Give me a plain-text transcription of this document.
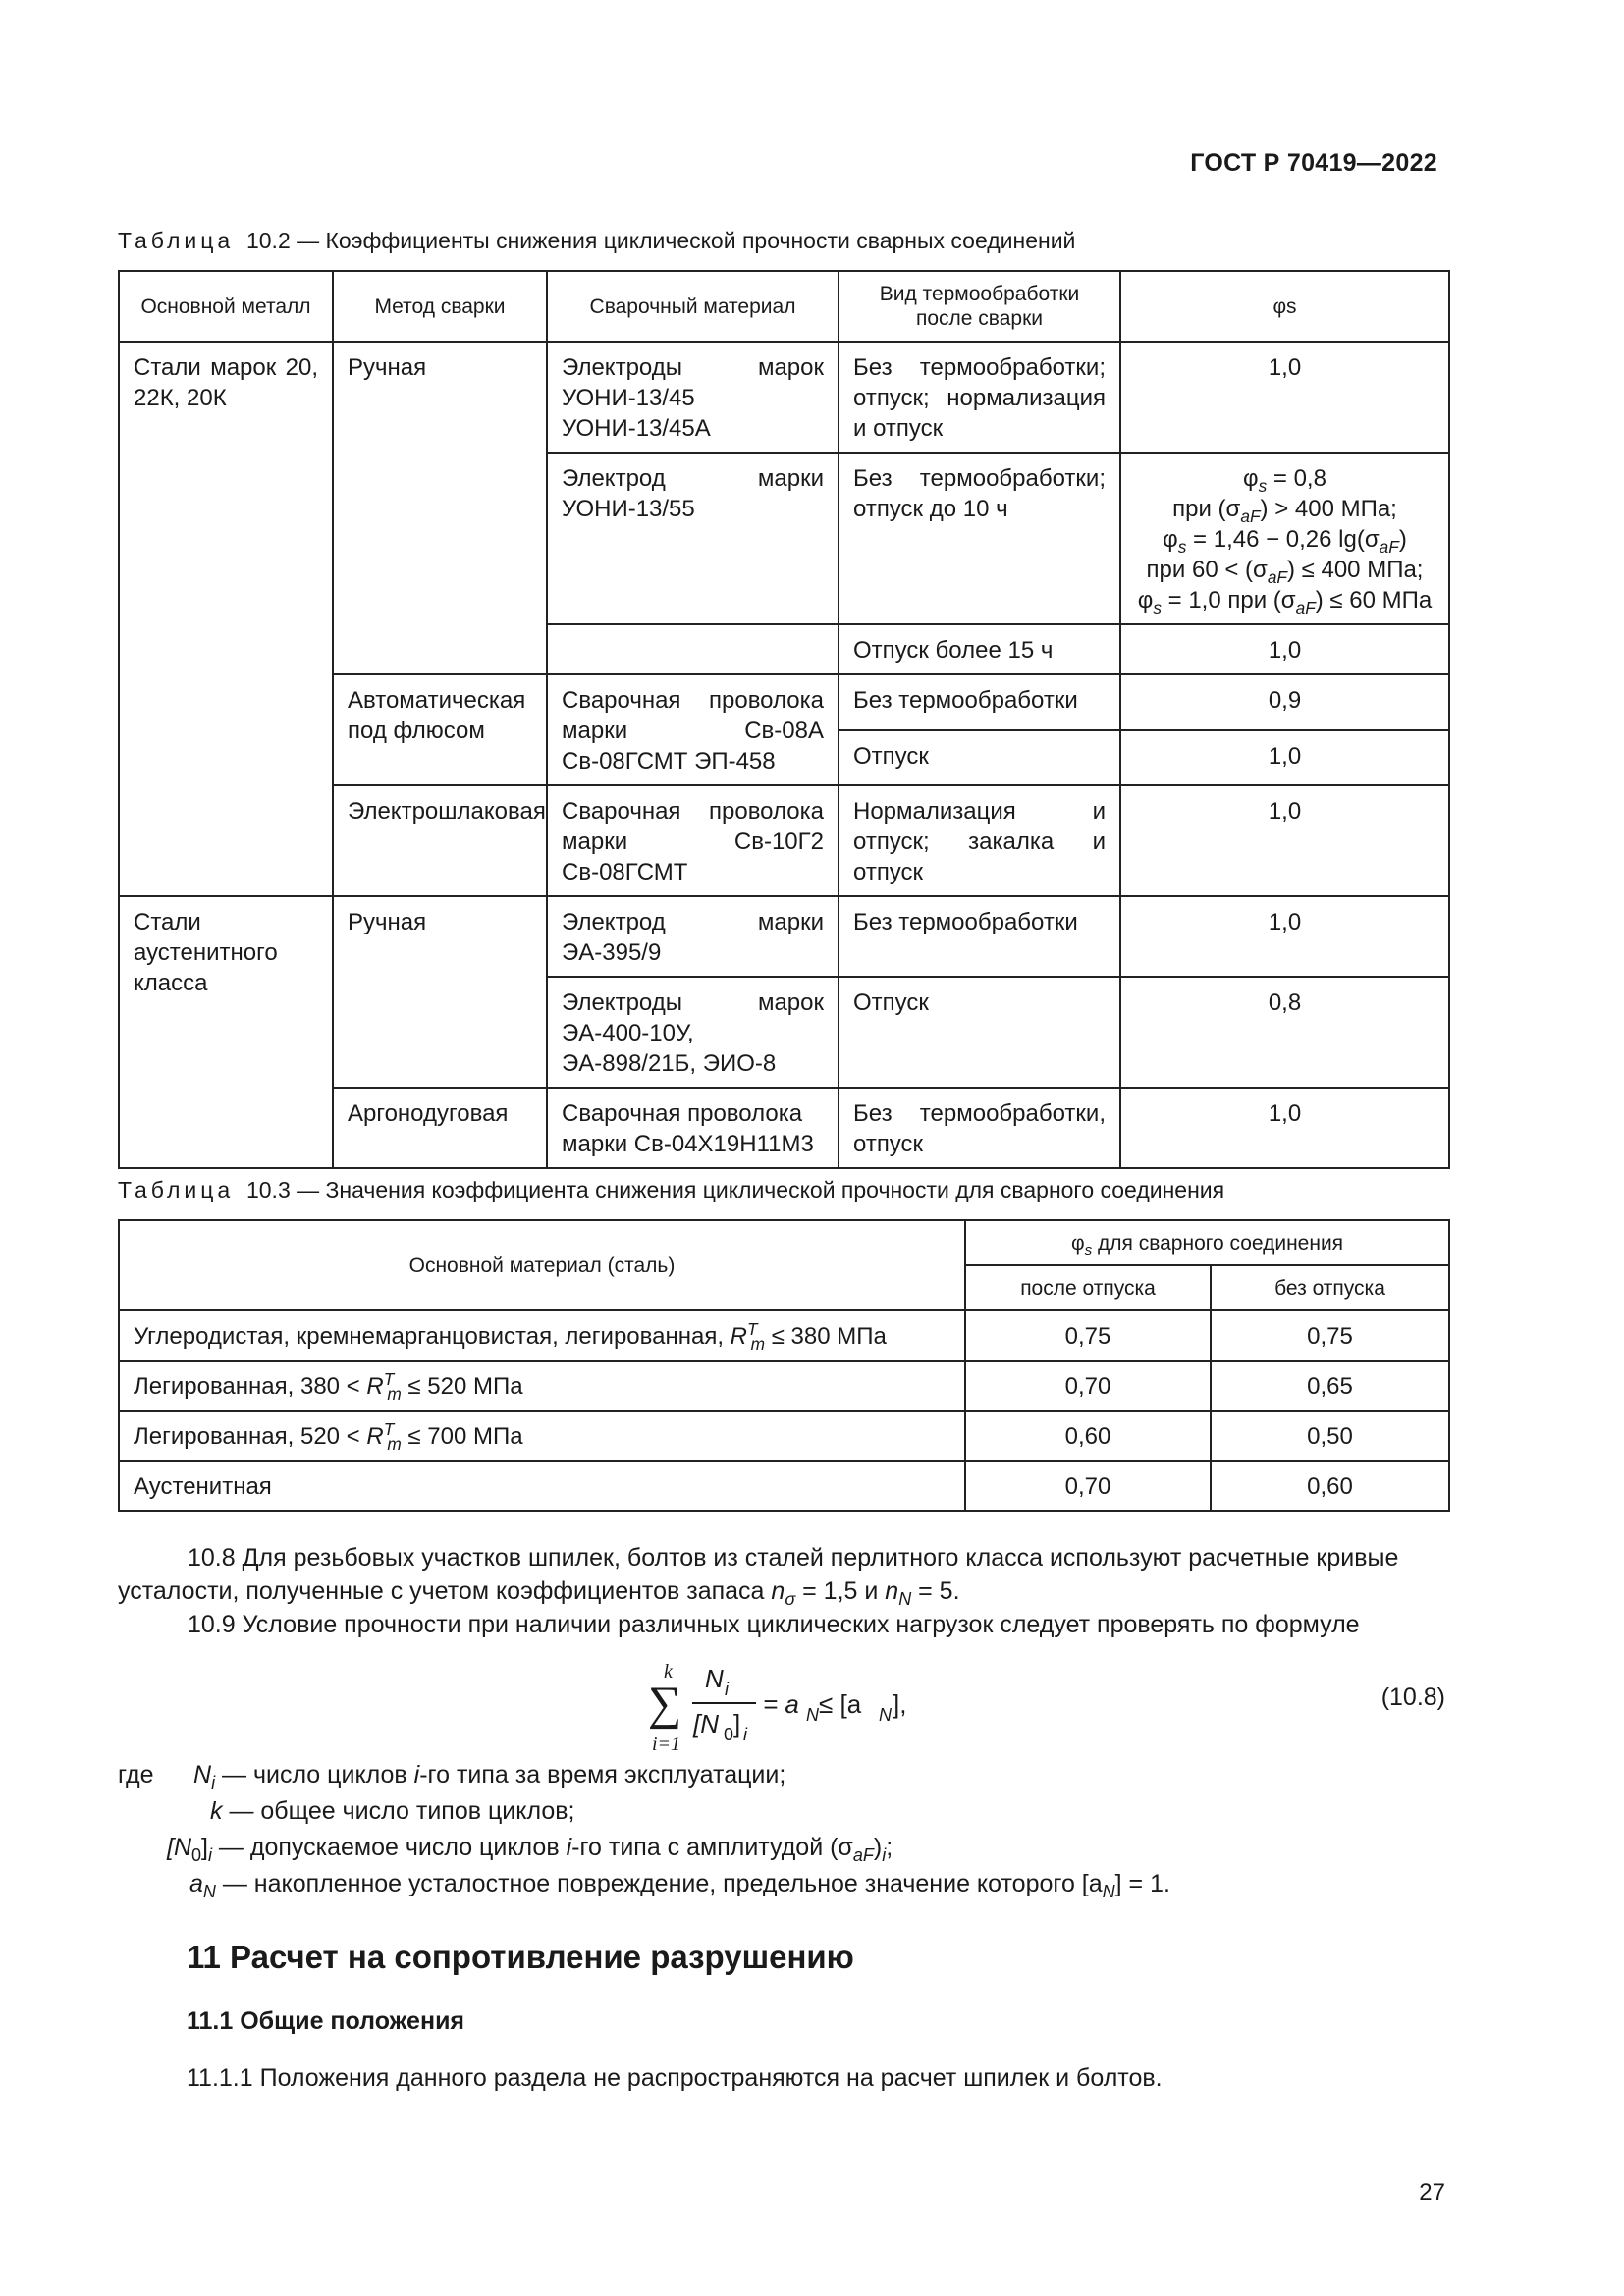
ГОСТ Р 70419—2022
Таблица 10.2 — Коэффициенты снижения циклической прочности сварных соединений
Основной металл	Метод сварки	Сварочный материал	Вид термообработки после сварки	φs
Стали марок 20, 22К, 20К	Ручная	Электроды марок УОНИ-13/45 УОНИ-13/45А	Без термообработки; отпуск; нормализация и отпуск	1,0
		Электрод марки УОНИ-13/55	Без термообработки; отпуск до 10 ч	$\varphi_s = 0,8$
при $(\sigma_{aF}) > 400$ МПа;
$\varphi_s = 1,46 - 0,26$ $\lg(\sigma_{aF})$
при $60 < (\sigma_{aF}) \le 400$ МПа;
$\varphi_s = 1,0$ при $(\sigma_{aF}) \le 60$ МПа

			Отпуск более 15 ч	1,0
	Автоматическая под флюсом	Сварочная проволока марки Св-08А Св-08ГСМТ ЭП-458	Без термообработки	0,9
			Отпуск	1,0
	Электрошлаковая	Сварочная проволока марки Св-10Г2 Св-08ГСМТ	Нормализация и отпуск; закалка и отпуск	1,0
Стали аустенитного класса	Ручная	Электрод марки ЭА-395/9	Без термообработки	1,0
		Электроды марок ЭА-400-10У, ЭА-898/21Б, ЭИО-8	Отпуск	0,8
	Аргонодуговая	Сварочная проволока марки Св-04Х19Н11М3	Без термообработки, отпуск	1,0
Таблица 10.3 — Значения коэффициента снижения циклической прочности для сварного соединения
Основной материал (сталь)	$\varphi_s$ для сварного соединения	
	после отпуска	без отпуска
Углеродистая, кремнемарганцовистая, легированная, $R^T_m \le 380$ МПа	0,75	0,75
Легированная, $380 < R^T_m \le 520$ МПа	0,70	0,65
Легированная, $520 < R^T_m \le 700$ МПа	0,60	0,50
Аустенитная	0,70	0,60
10.8 Для резьбовых участков шпилек, болтов из сталей перлитного класса используют расчетные кривые усталости, полученные с учетом коэффициентов запаса $n_\sigma = 1,5$ и $n_N = 5$.
10.9 Условие прочности при наличии различных циклических нагрузок следует проверять по формуле
k
∑
i=1
N i
[N 0 ] i
= a N ≤ [a N ],	(10.8)
где $N_i$ — число циклов i-го типа за время эксплуатации;
k — общее число типов циклов;
$[N_0]_i$ — допускаемое число циклов i-го типа с амплитудой $(\sigma_{aF})_i$;
$a_N$ — накопленное усталостное повреждение, предельное значение которого $[a_N] = 1$.
11 Расчет на сопротивление разрушению
11.1 Общие положения
11.1.1 Положения данного раздела не распространяются на расчет шпилек и болтов.
27
